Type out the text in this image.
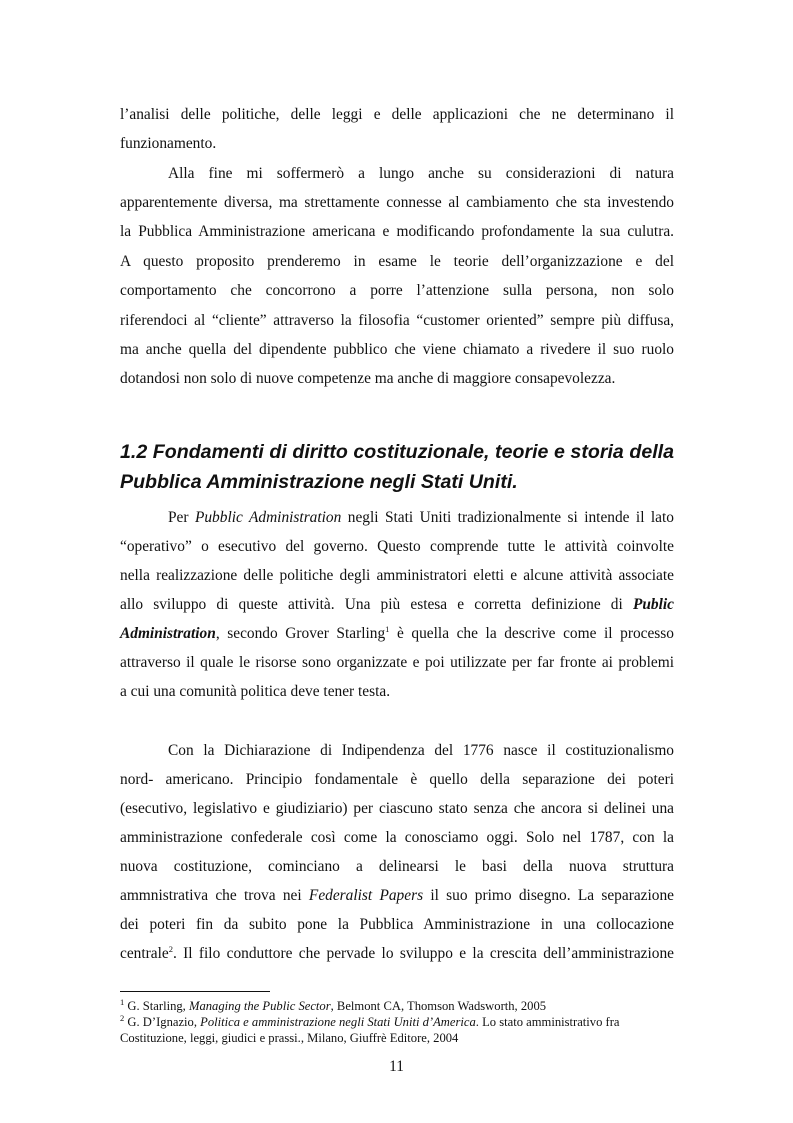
l’analisi delle politiche, delle leggi e delle applicazioni che ne determinano il
funzionamento.
Alla fine mi soffermerò a lungo anche su considerazioni di natura
apparentemente diversa, ma strettamente connesse al cambiamento che sta investendo
la Pubblica Amministrazione americana e modificando profondamente la sua culutra.
A questo proposito prenderemo in esame le teorie dell’organizzazione e del
comportamento che concorrono a porre l’attenzione sulla persona, non solo
riferendoci al “cliente” attraverso la filosofia “customer oriented” sempre più diffusa,
ma anche quella del dipendente pubblico che viene chiamato a rivedere il suo ruolo
dotandosi non solo di nuove competenze ma anche di maggiore consapevolezza.
1.2 Fondamenti di diritto costituzionale, teorie e storia della
Pubblica Amministrazione negli Stati Uniti.
Per Pubblic Administration negli Stati Uniti tradizionalmente si intende il lato
“operativo” o esecutivo del governo. Questo comprende tutte le attività coinvolte
nella realizzazione delle politiche degli amministratori eletti e alcune attività associate
allo sviluppo di queste attività. Una più estesa e corretta definizione di Public
Administration, secondo Grover Starling$^1$ è quella che la descrive come il processo
attraverso il quale le risorse sono organizzate e poi utilizzate per far fronte ai problemi
a cui una comunità politica deve tener testa.
Con la Dichiarazione di Indipendenza del 1776 nasce il costituzionalismo
nord- americano. Principio fondamentale è quello della separazione dei poteri
(esecutivo, legislativo e giudiziario) per ciascuno stato senza che ancora si delinei una
amministrazione confederale così come la conosciamo oggi. Solo nel 1787, con la
nuova costituzione, cominciano a delinearsi le basi della nuova struttura
ammnistrativa che trova nei Federalist Papers il suo primo disegno. La separazione
dei poteri fin da subito pone la Pubblica Amministrazione in una collocazione
centrale$^2$. Il filo conduttore che pervade lo sviluppo e la crescita dell’amministrazione
$^1$ G. Starling, Managing the Public Sector, Belmont CA, Thomson Wadsworth, 2005
$^2$ G. D’Ignazio, Politica e amministrazione negli Stati Uniti d’America. Lo stato amministrativo fra
Costituzione, leggi, giudici e prassi., Milano, Giuffrè Editore, 2004
11
